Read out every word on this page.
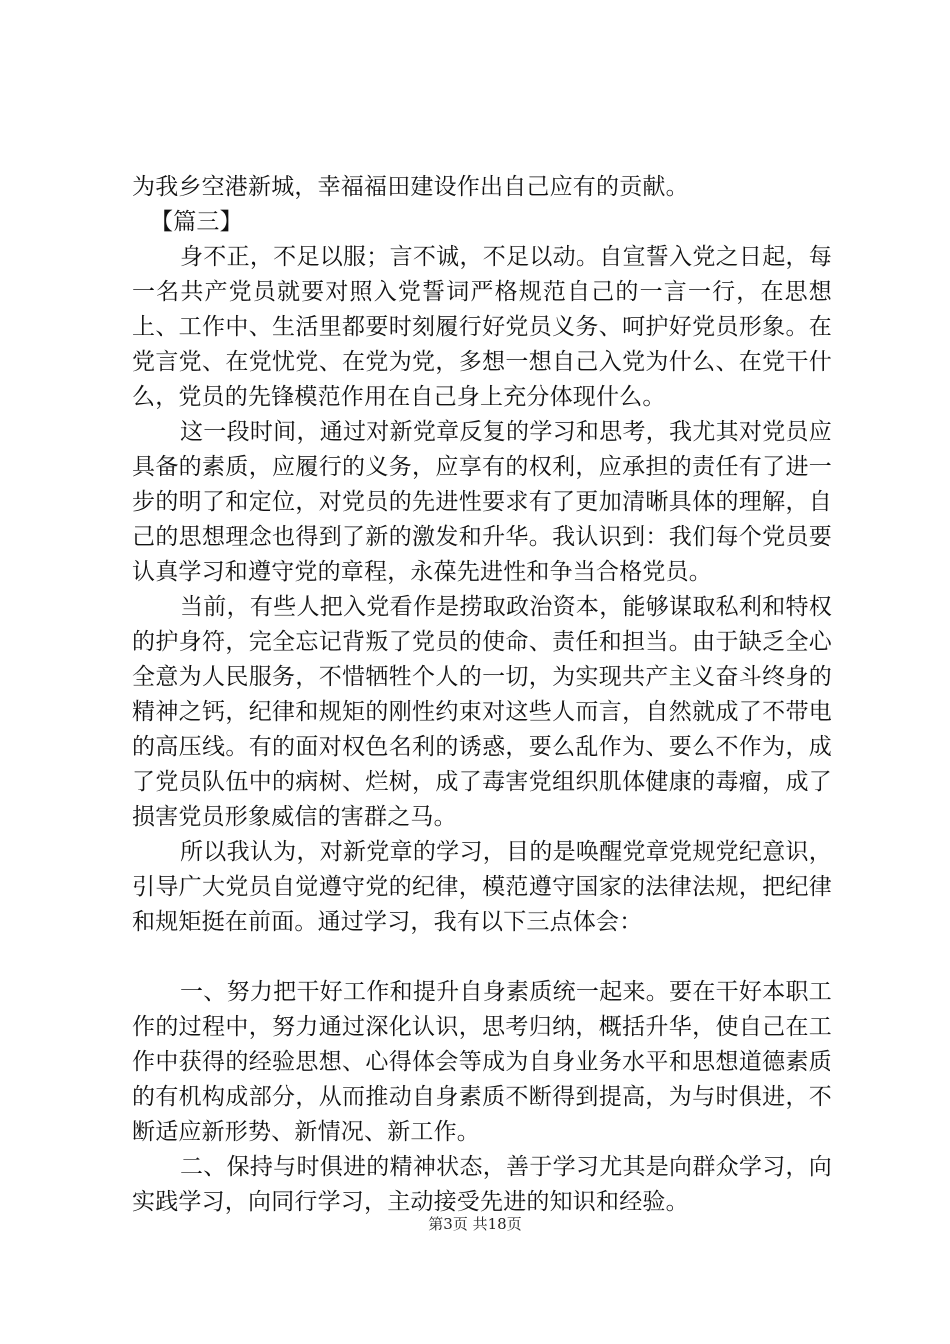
为我乡空港新城，幸福福田建设作出自己应有的贡献。

【篇三】

身不正，不足以服；言不诚，不足以动。自宣誓入党之日起，每一名共产党员就要对照入党誓词严格规范自己的一言一行，在思想上、工作中、生活里都要时刻履行好党员义务、呵护好党员形象。在党言党、在党忧党、在党为党，多想一想自己入党为什么、在党干什么，党员的先锋模范作用在自己身上充分体现什么。

这一段时间，通过对新党章反复的学习和思考，我尤其对党员应具备的素质，应履行的义务，应享有的权利，应承担的责任有了进一步的明了和定位，对党员的先进性要求有了更加清晰具体的理解，自己的思想理念也得到了新的激发和升华。我认识到：我们每个党员要认真学习和遵守党的章程，永葆先进性和争当合格党员。

当前，有些人把入党看作是捞取政治资本，能够谋取私利和特权的护身符，完全忘记背叛了党员的使命、责任和担当。由于缺乏全心全意为人民服务，不惜牺牲个人的一切，为实现共产主义奋斗终身的精神之钙，纪律和规矩的刚性约束对这些人而言，自然就成了不带电的高压线。有的面对权色名利的诱惑，要么乱作为、要么不作为，成了党员队伍中的病树、烂树，成了毒害党组织肌体健康的毒瘤，成了损害党员形象威信的害群之马。

所以我认为，对新党章的学习，目的是唤醒党章党规党纪意识，引导广大党员自觉遵守党的纪律，模范遵守国家的法律法规，把纪律和规矩挺在前面。通过学习，我有以下三点体会：

一、努力把干好工作和提升自身素质统一起来。要在干好本职工作的过程中，努力通过深化认识，思考归纳，概括升华，使自己在工作中获得的经验思想、心得体会等成为自身业务水平和思想道德素质的有机构成部分，从而推动自身素质不断得到提高，为与时俱进，不断适应新形势、新情况、新工作。

二、保持与时俱进的精神状态，善于学习尤其是向群众学习，向实践学习，向同行学习，主动接受先进的知识和经验。

第3页 共18页
